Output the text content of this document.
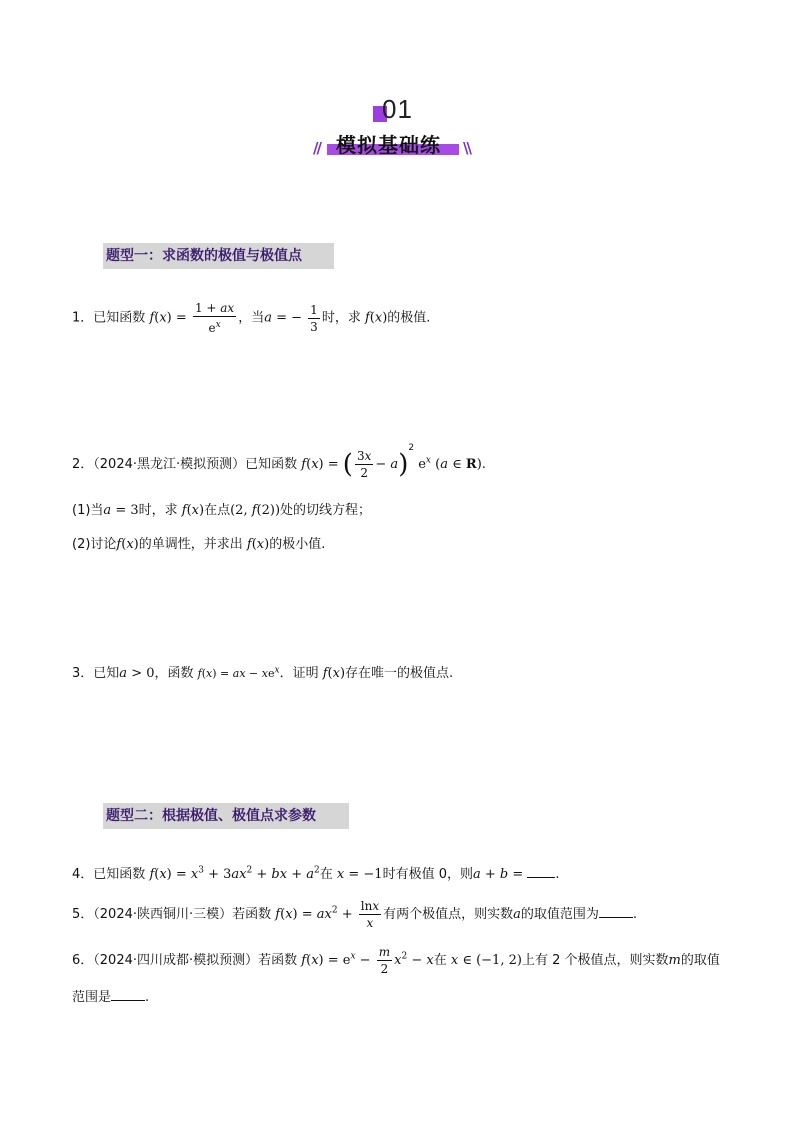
01
模拟基础练
//	\\
题型一：求函数的极值与极值点
1．已知函数 $f(x) = \frac{1 + ax}{e^x}$ ，当a = − $\frac{1}{3}$ 时，求 f(x)的极值.
2．（2024·黑龙江·模拟预测）已知函数 f(x) = ( $\frac{3x}{2} - a)^2$ $e^x$ (a ∈ R).
(1)当a = 3时，求 f(x)在点(2, f(2))处的切线方程；
(2)讨论f(x)的单调性，并求出 f(x)的极小值.
3．已知a > 0，函数 f(x) = ax − $xe^x$．证明 f(x)存在唯一的极值点.
题型二：根据极值、极值点求参数
4．已知函数 $f(x) = x^3 + 3ax^2$ + bx + $a^2$在 x = −1时有极值 0，则a + b = .
5．（2024·陕西铜川·三模）若函数 $f(x) = ax^2 + \frac{\ln x}{x}$ 有两个极值点，则实数a的取值范围为	.
6．（2024·四川成都·模拟预测）若函数 $f(x) = e^x - \frac{m}{2} x^2 - x$在 x ∈ (−1, 2)上有 2 个极值点，则实数m的取值
范围是	.
